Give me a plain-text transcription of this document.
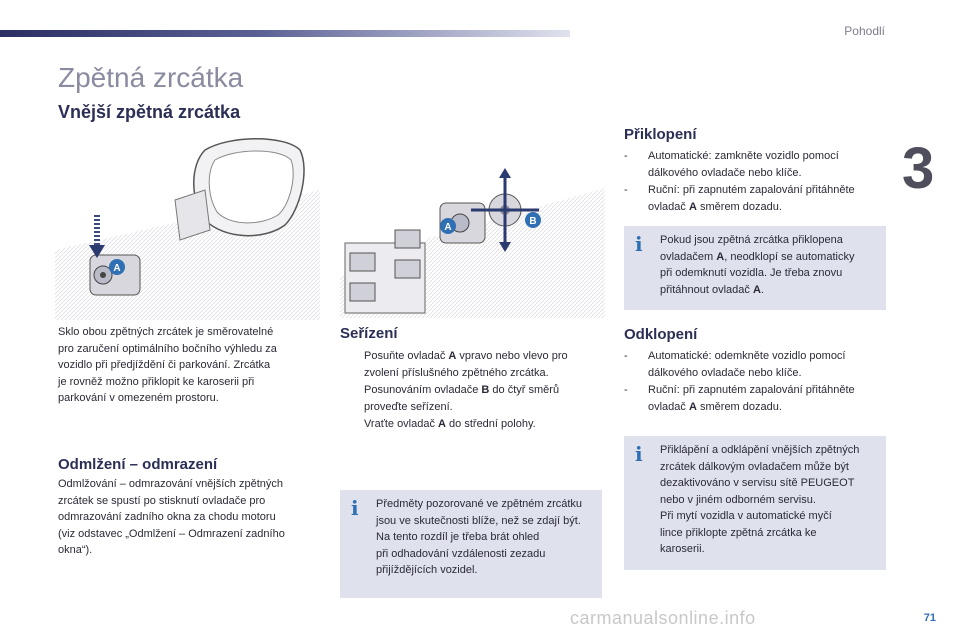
Pohodlí
3
Zpětná zrcátka
Vnější zpětná zrcátka
A
A
B
Sklo obou zpětných zrcátek je směrovatelné
pro zaručení optimálního bočního výhledu za
vozidlo při předjíždění či parkování. Zrcátka
je rovněž možno přiklopit ke karoserii při
parkování v omezeném prostoru.
Odmlžení – odmrazení
Odmlžování – odmrazování vnějších zpětných
zrcátek se spustí po stisknutí ovladače pro
odmrazování zadního okna za chodu motoru
(viz odstavec „Odmlžení – Odmrazení zadního
okna“).
Seřízení
Posuňte ovladač A vpravo nebo vlevo pro
zvolení příslušného zpětného zrcátka.
Posunováním ovladače B do čtyř směrů
proveďte seřízení.
Vraťte ovladač A do střední polohy.
i Předměty pozorované ve zpětném zrcátku
jsou ve skutečnosti blíže, než se zdají být.
Na tento rozdíl je třeba brát ohled
při odhadování vzdálenosti zezadu
přijíždějících vozidel.
Přiklopení
- Automatické: zamkněte vozidlo pomocí
dálkového ovladače nebo klíče.
- Ruční: při zapnutém zapalování přitáhněte
ovladač A směrem dozadu.
i Pokud jsou zpětná zrcátka přiklopena
ovladačem A, neodklopí se automaticky
při odemknutí vozidla. Je třeba znovu
přitáhnout ovladač A.
Odklopení
- Automatické: odemkněte vozidlo pomocí
dálkového ovladače nebo klíče.
- Ruční: při zapnutém zapalování přitáhněte
ovladač A směrem dozadu.
i Přiklápění a odklápění vnějších zpětných
zrcátek dálkovým ovladačem může být
dezaktivováno v servisu sítě PEUGEOT
nebo v jiném odborném servisu.
Při mytí vozidla v automatické myčí
lince přiklopte zpětná zrcátka ke
karoserii.
carmanualsonline.info	71
